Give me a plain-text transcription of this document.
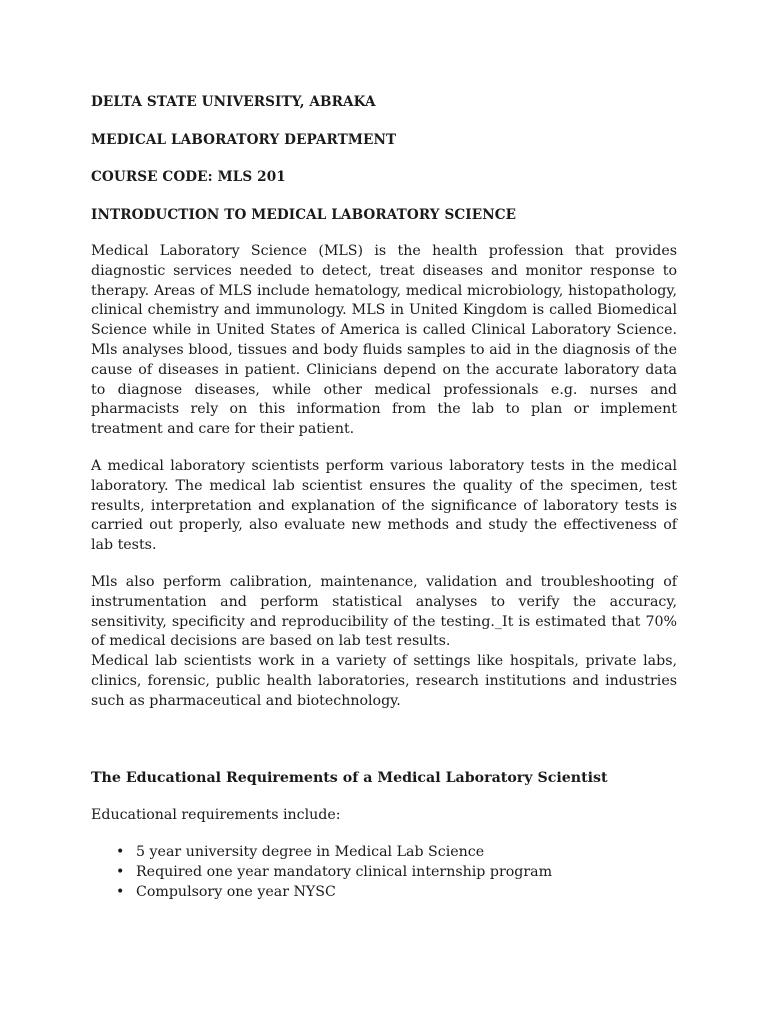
DELTA STATE UNIVERSITY, ABRAKA
MEDICAL LABORATORY DEPARTMENT
COURSE CODE: MLS 201
INTRODUCTION TO MEDICAL LABORATORY SCIENCE

Medical Laboratory Science (MLS) is the health profession that provides diagnostic services needed to detect, treat diseases and monitor response to therapy. Areas of MLS include hematology, medical microbiology, histopathology, clinical chemistry and immunology. MLS in United Kingdom is called Biomedical Science while in United States of America is called Clinical Laboratory Science. Mls analyses blood, tissues and body fluids samples to aid in the diagnosis of the cause of diseases in patient. Clinicians depend on the accurate laboratory data to diagnose diseases, while other medical professionals e.g. nurses and pharmacists rely on this information from the lab to plan or implement treatment and care for their patient.

A medical laboratory scientists perform various laboratory tests in the medical laboratory. The medical lab scientist ensures the quality of the specimen, test results, interpretation and explanation of the significance of laboratory tests is carried out properly, also evaluate new methods and study the effectiveness of lab tests.

Mls also perform calibration, maintenance, validation and troubleshooting of instrumentation and perform statistical analyses to verify the accuracy, sensitivity, specificity and reproducibility of the testing._It is estimated that 70% of medical decisions are based on lab test results.

Medical lab scientists work in a variety of settings like hospitals, private labs, clinics, forensic, public health laboratories, research institutions and industries such as pharmaceutical and biotechnology.

The Educational Requirements of a Medical Laboratory Scientist

Educational requirements include:

• 5 year university degree in Medical Lab Science
• Required one year mandatory clinical internship program
• Compulsory one year NYSC
